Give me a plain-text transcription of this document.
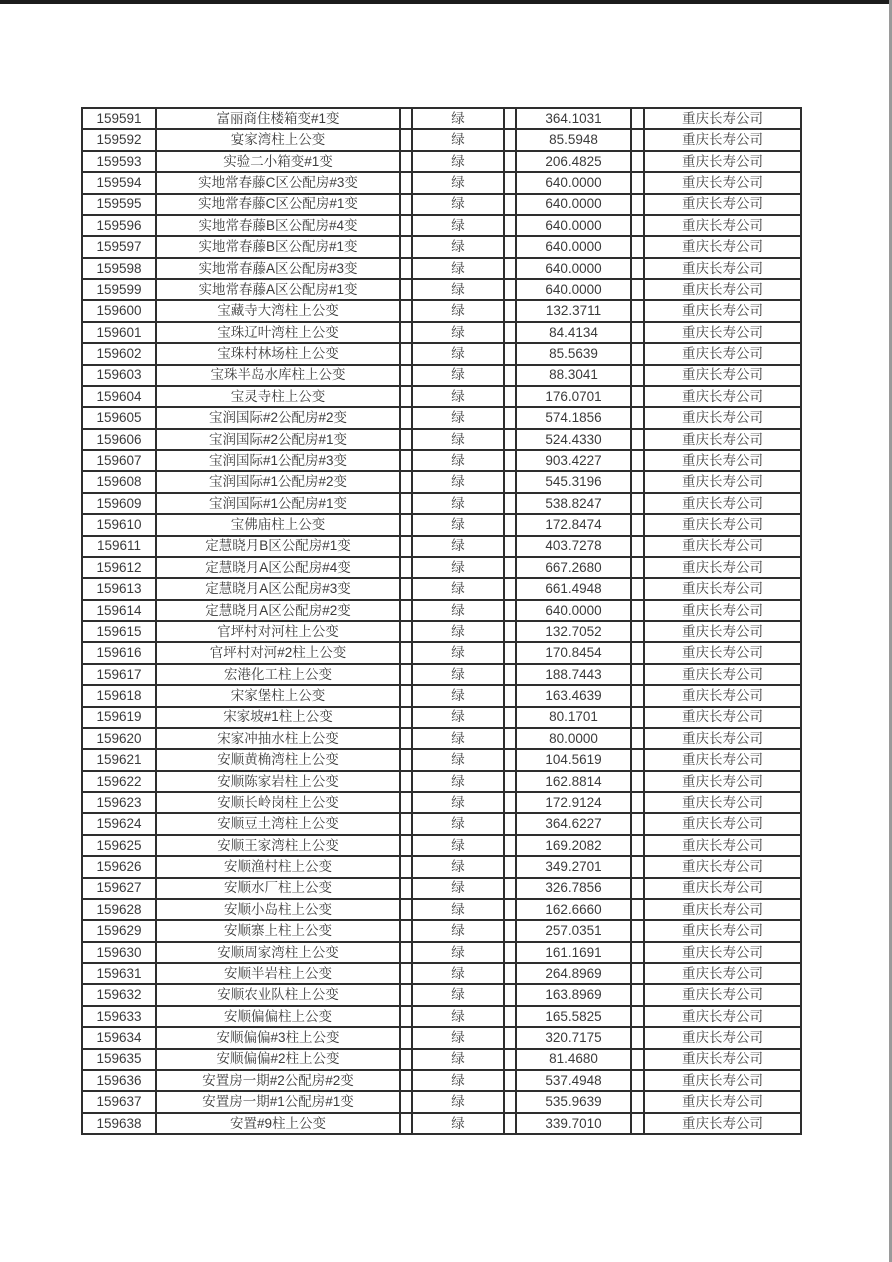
159591	富丽商住楼箱变#1变		绿		364.1031		重庆长寿公司
159592	宴家湾柱上公变		绿		85.5948		重庆长寿公司
159593	实验二小箱变#1变		绿		206.4825		重庆长寿公司
159594	实地常春藤C区公配房#3变		绿		640.0000		重庆长寿公司
159595	实地常春藤C区公配房#1变		绿		640.0000		重庆长寿公司
159596	实地常春藤B区公配房#4变		绿		640.0000		重庆长寿公司
159597	实地常春藤B区公配房#1变		绿		640.0000		重庆长寿公司
159598	实地常春藤A区公配房#3变		绿		640.0000		重庆长寿公司
159599	实地常春藤A区公配房#1变		绿		640.0000		重庆长寿公司
159600	宝藏寺大湾柱上公变		绿		132.3711		重庆长寿公司
159601	宝珠辽叶湾柱上公变		绿		84.4134		重庆长寿公司
159602	宝珠村林场柱上公变		绿		85.5639		重庆长寿公司
159603	宝珠半岛水库柱上公变		绿		88.3041		重庆长寿公司
159604	宝灵寺柱上公变		绿		176.0701		重庆长寿公司
159605	宝润国际#2公配房#2变		绿		574.1856		重庆长寿公司
159606	宝润国际#2公配房#1变		绿		524.4330		重庆长寿公司
159607	宝润国际#1公配房#3变		绿		903.4227		重庆长寿公司
159608	宝润国际#1公配房#2变		绿		545.3196		重庆长寿公司
159609	宝润国际#1公配房#1变		绿		538.8247		重庆长寿公司
159610	宝佛庙柱上公变		绿		172.8474		重庆长寿公司
159611	定慧晓月B区公配房#1变		绿		403.7278		重庆长寿公司
159612	定慧晓月A区公配房#4变		绿		667.2680		重庆长寿公司
159613	定慧晓月A区公配房#3变		绿		661.4948		重庆长寿公司
159614	定慧晓月A区公配房#2变		绿		640.0000		重庆长寿公司
159615	官坪村对河柱上公变		绿		132.7052		重庆长寿公司
159616	官坪村对河#2柱上公变		绿		170.8454		重庆长寿公司
159617	宏港化工柱上公变		绿		188.7443		重庆长寿公司
159618	宋家堡柱上公变		绿		163.4639		重庆长寿公司
159619	宋家坡#1柱上公变		绿		80.1701		重庆长寿公司
159620	宋家冲抽水柱上公变		绿		80.0000		重庆长寿公司
159621	安顺黄桷湾柱上公变		绿		104.5619		重庆长寿公司
159622	安顺陈家岩柱上公变		绿		162.8814		重庆长寿公司
159623	安顺长岭岗柱上公变		绿		172.9124		重庆长寿公司
159624	安顺豆土湾柱上公变		绿		364.6227		重庆长寿公司
159625	安顺王家湾柱上公变		绿		169.2082		重庆长寿公司
159626	安顺渔村柱上公变		绿		349.2701		重庆长寿公司
159627	安顺水厂柱上公变		绿		326.7856		重庆长寿公司
159628	安顺小岛柱上公变		绿		162.6660		重庆长寿公司
159629	安顺寨上柱上公变		绿		257.0351		重庆长寿公司
159630	安顺周家湾柱上公变		绿		161.1691		重庆长寿公司
159631	安顺半岩柱上公变		绿		264.8969		重庆长寿公司
159632	安顺农业队柱上公变		绿		163.8969		重庆长寿公司
159633	安顺偏偏柱上公变		绿		165.5825		重庆长寿公司
159634	安顺偏偏#3柱上公变		绿		320.7175		重庆长寿公司
159635	安顺偏偏#2柱上公变		绿		81.4680		重庆长寿公司
159636	安置房一期#2公配房#2变		绿		537.4948		重庆长寿公司
159637	安置房一期#1公配房#1变		绿		535.9639		重庆长寿公司
159638	安置#9柱上公变		绿		339.7010		重庆长寿公司
